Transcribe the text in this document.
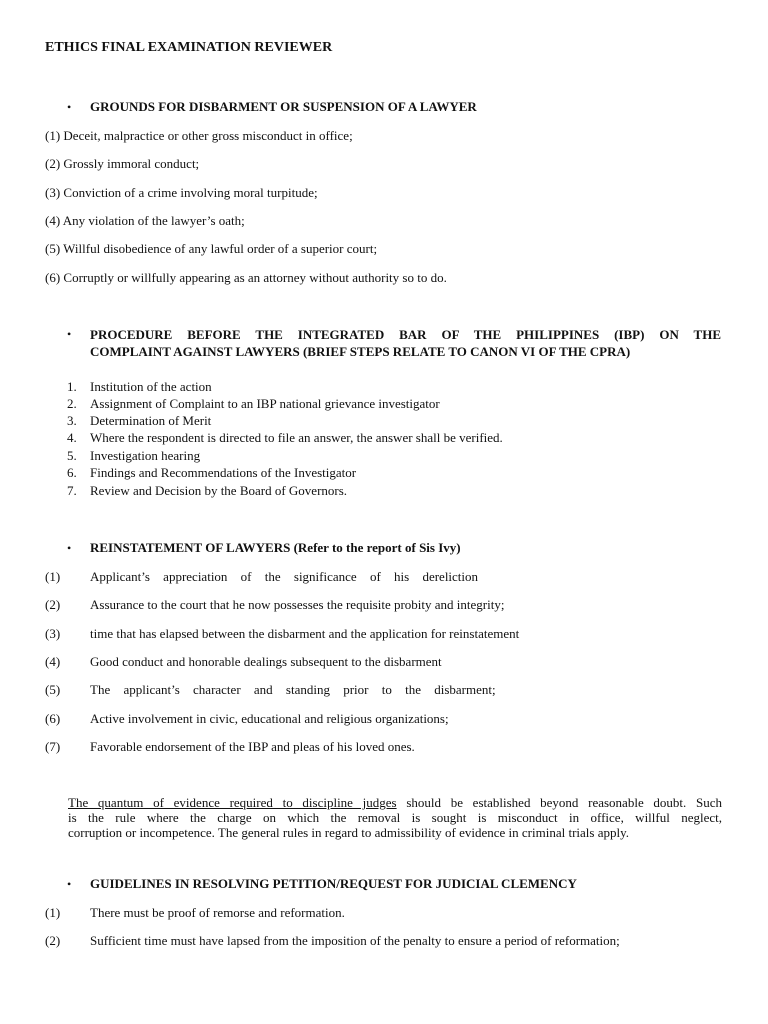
ETHICS FINAL EXAMINATION REVIEWER
• GROUNDS FOR DISBARMENT OR SUSPENSION OF A LAWYER
(1) Deceit, malpractice or other gross misconduct in office;
(2) Grossly immoral conduct;
(3) Conviction of a crime involving moral turpitude;
(4) Any violation of the lawyer’s oath;
(5) Willful disobedience of any lawful order of a superior court;
(6) Corruptly or willfully appearing as an attorney without authority so to do.
• PROCEDURE BEFORE THE INTEGRATED BAR OF THE PHILIPPINES (IBP) ON THE
COMPLAINT AGAINST LAWYERS (BRIEF STEPS RELATE TO CANON VI OF THE CPRA)
1. Institution of the action
2. Assignment of Complaint to an IBP national grievance investigator
3. Determination of Merit
4. Where the respondent is directed to file an answer, the answer shall be verified.
5. Investigation hearing
6. Findings and Recommendations of the Investigator
7. Review and Decision by the Board of Governors.
• REINSTATEMENT OF LAWYERS (Refer to the report of Sis Ivy)
(1) Applicant’s appreciation of the significance of his dereliction
(2) Assurance to the court that he now possesses the requisite probity and integrity;
(3) time that has elapsed between the disbarment and the application for reinstatement
(4) Good conduct and honorable dealings subsequent to the disbarment
(5) The applicant’s character and standing prior to the disbarment;
(6) Active involvement in civic, educational and religious organizations;
(7) Favorable endorsement of the IBP and pleas of his loved ones.
The quantum of evidence required to discipline judges should be established beyond reasonable doubt. Such
is the rule where the charge on which the removal is sought is misconduct in office, willful neglect,
corruption or incompetence. The general rules in regard to admissibility of evidence in criminal trials apply.
• GUIDELINES IN RESOLVING PETITION/REQUEST FOR JUDICIAL CLEMENCY
(1) There must be proof of remorse and reformation.
(2) Sufficient time must have lapsed from the imposition of the penalty to ensure a period of reformation;
